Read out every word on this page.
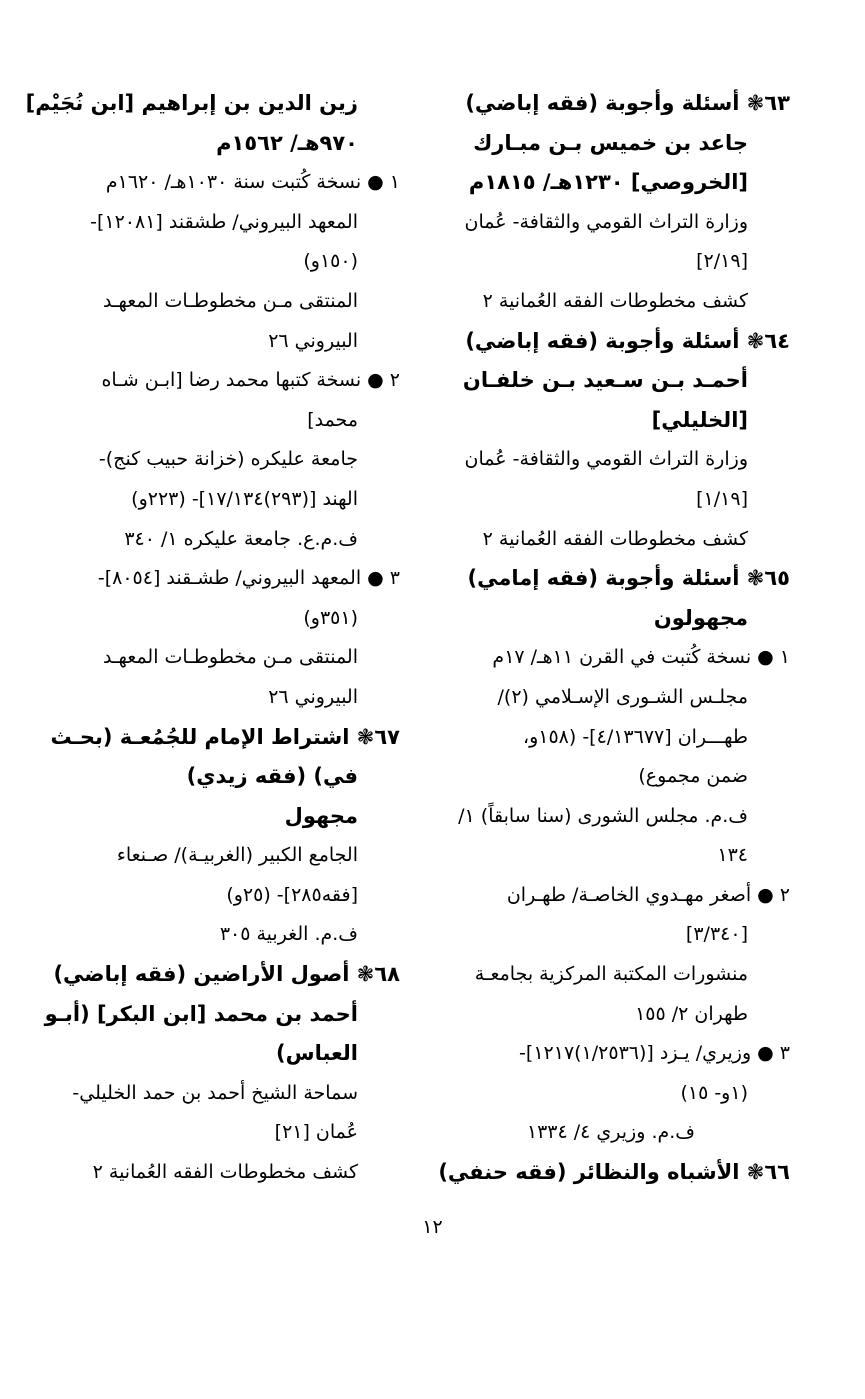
٦٣❃ أسئلة وأجوبة (فقه إباضي)
جاعد بن خميس بـن مبـارك
[الخروصي] ١٢٣٠هـ/ ١٨١٥م
وزارة التراث القومي والثقافة- عُمان
[٢/١٩]
كشف مخطوطات الفقه العُمانية ٢
٦٤❃ أسئلة وأجوبة (فقه إباضي)
أحمـد بـن سـعيد بـن خلفـان
[الخليلي]
وزارة التراث القومي والثقافة- عُمان
[١/١٩]
كشف مخطوطات الفقه العُمانية ٢
٦٥❃ أسئلة وأجوبة (فقه إمامي)
مجهولون
١ ● نسخة كُتبت في القرن ١١هـ/ ١٧م
مجلـس الشـورى الإسـلامي (٢)/
طهـــران [٤/١٣٦٧٧]- (١٥٨و،
ضمن مجموع)
ف.م. مجلس الشورى (سنا سابقاً) ١/
١٣٤
٢ ● أصغر مهـدوي الخاصـة/ طهـران
[٣/٣٤٠]
منشورات المكتبة المركزية بجامعـة
طهران ٢/ ١٥٥
٣ ● وزيري/ يـزد [(١/٢٥٣٦)١٢١٧]-
(١و- ١٥)
ف.م. وزيري ٤/ ١٣٣٤
٦٦❃ الأشباه والنظائر (فقه حنفي)
زين الدين بن إبراهيم [ابن نُجَيْم]
٩٧٠هـ/ ١٥٦٢م
١ ● نسخة كُتبت سنة ١٠٣٠هـ/ ١٦٢٠م
المعهد البيروني/ طشقند [١٢٠٨١]-
(١٥٠و)
المنتقى مـن مخطوطـات المعهـد
البيروني ٢٦
٢ ● نسخة كتبها محمد رضا [ابـن شـاه
محمد]
جامعة عليكره (خزانة حبيب كنج)-
الهند [(٢٩٣)١٧/١٣٤]- (٢٢٣و)
ف.م.ع. جامعة عليكره ١/ ٣٤٠
٣ ● المعهد البيروني/ طشـقند [٨٠٥٤]-
(٣٥١و)
المنتقى مـن مخطوطـات المعهـد
البيروني ٢٦
٦٧❃ اشتراط الإمام للجُمُعـة (بحـث
في) (فقه زيدي)
مجهول
الجامع الكبير (الغربيـة)/ صـنعاء
[فقه٢٨٥]- (٢٥و)
ف.م. الغربية ٣٠٥
٦٨❃ أصول الأراضين (فقه إباضي)
أحمد بن محمد [ابن البكر] (أبـو
العباس)
سماحة الشيخ أحمد بن حمد الخليلي-
عُمان [٢١]
كشف مخطوطات الفقه العُمانية ٢
١٢
